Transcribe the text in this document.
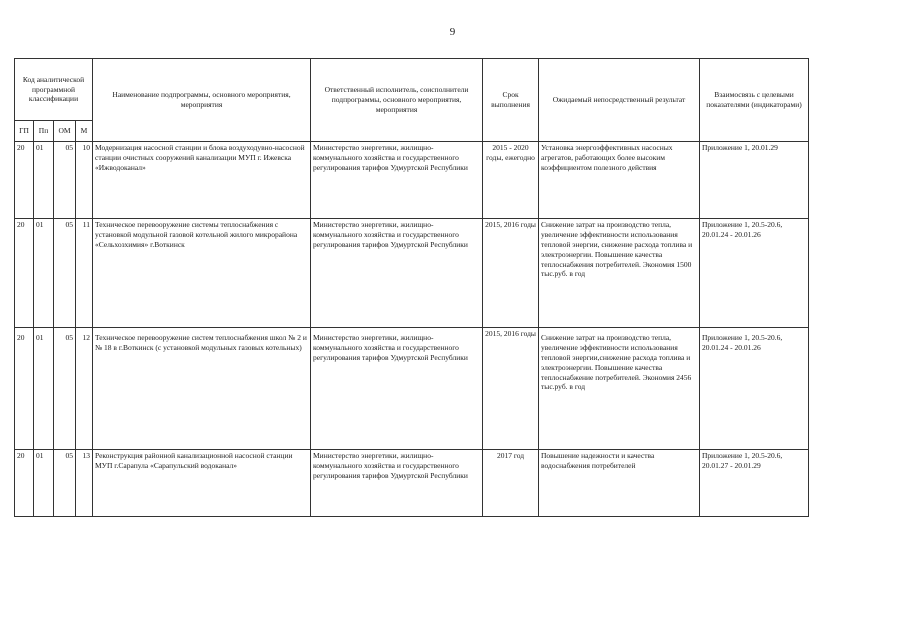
9
Код аналитической программной классификации				Наименование подпрограммы, основного мероприятия, мероприятия	Ответственный исполнитель, соисполнители подпрограммы, основного мероприятия, мероприятия	Срок выполнения	Ожидаемый непосредственный результат	Взаимосвязь с целевыми показателями (индикаторами)
ГП	Пп	ОМ	М					
20	01	05	10	Модернизация насосной станции и блока воздуходувно-насосной станции очистных сооружений канализации МУП г. Ижевска «Ижводоканал»	Министерство энергетики, жилищно-коммунального хозяйства и государственного регулирования тарифов Удмуртской Республики	2015 - 2020 годы, ежегодно	Установка энергоэффективных насосных агрегатов, работающих более высоким коэффициентом полезного действия	Приложение 1, 20.01.29
20	01	05	11	Техническое перевооружение системы теплоснабжения с установкой модульной газовой котельной жилого микрорайона «Сельхозхимия» г.Воткинск	Министерство энергетики, жилищно-коммунального хозяйства и государственного регулирования тарифов Удмуртской Республики	2015, 2016 годы	Снижение затрат на производство тепла, увеличение эффективности использования тепловой энергии, снижение расхода топлива и электроэнергии. Повышение качества теплоснабжения потребителей. Экономия 1500 тыс.руб. в год	Приложение 1, 20.5-20.6, 20.01.24 - 20.01.26
20	01	05	12	Техническое перевооружение систем теплоснабжения школ № 2 и № 18 в г.Воткинск (с установкой модульных газовых котельных)	Министерство энергетики, жилищно-коммунального хозяйства и государственного регулирования тарифов Удмуртской Республики	2015, 2016 годы	Снижение затрат на производство тепла, увеличение эффективности использования тепловой энергии,снижение расхода топлива и электроэнергии. Повышение качества теплоснабжение потребителей. Экономия 2456 тыс.руб. в год	Приложение 1, 20.5-20.6, 20.01.24 - 20.01.26
20	01	05	13	Реконструкция районной канализационной насосной станции МУП г.Сарапула «Сарапульский водоканал»	Министерство энергетики, жилищно-коммунального хозяйства и государственного регулирования тарифов Удмуртской Республики	2017 год	Повышение надежности и качества водоснабжения потребителей	Приложение 1, 20.5-20.6, 20.01.27 - 20.01.29
